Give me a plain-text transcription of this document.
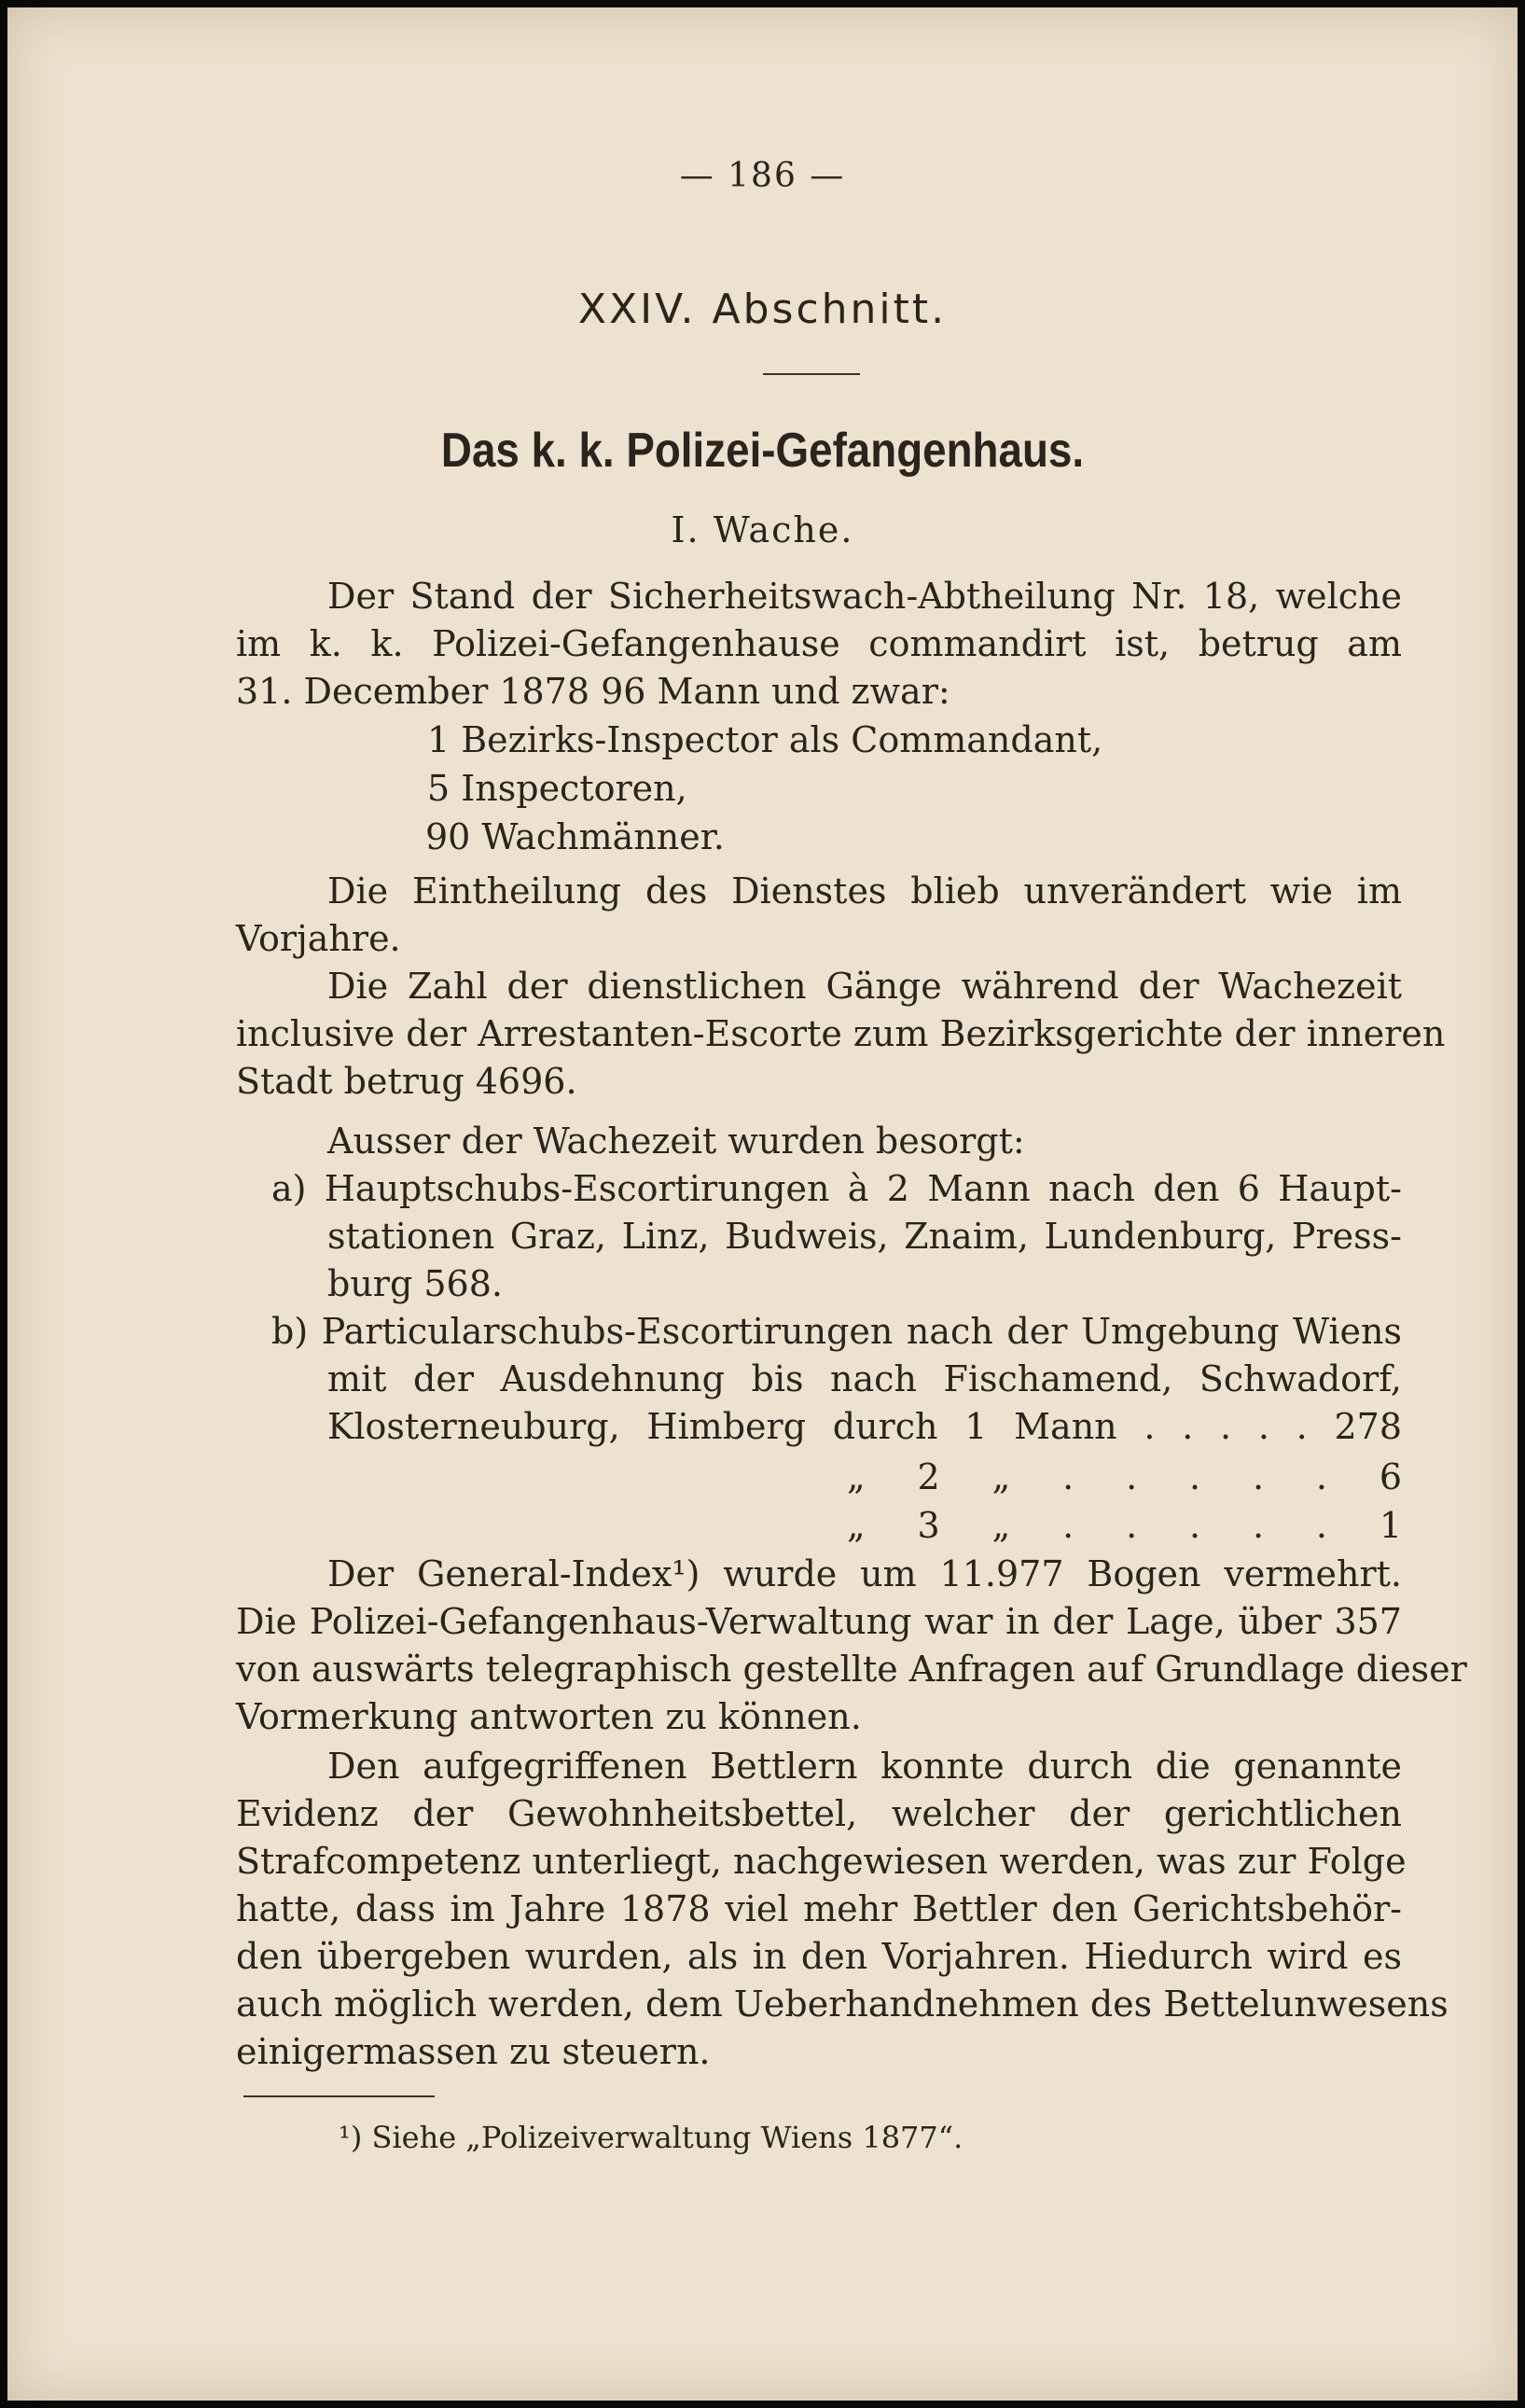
— 186 —
XXIV. Abschnitt.
Das k. k. Polizei-Gefangenhaus.
I. Wache.
Der Stand der Sicherheitswach-Abtheilung Nr. 18, welche
im k. k. Polizei-Gefangenhause commandirt ist, betrug am
31. December 1878 96 Mann und zwar:
1 Bezirks-Inspector als Commandant,
5 Inspectoren,
90 Wachmänner.
Die Eintheilung des Dienstes blieb unverändert wie im
Vorjahre.
Die Zahl der dienstlichen Gänge während der Wachezeit
inclusive der Arrestanten-Escorte zum Bezirksgerichte der inneren
Stadt betrug 4696.
Ausser der Wachezeit wurden besorgt:
a) Hauptschubs-Escortirungen à 2 Mann nach den 6 Haupt-
stationen Graz, Linz, Budweis, Znaim, Lundenburg, Press-
burg 568.
b) Particularschubs-Escortirungen nach der Umgebung Wiens
mit der Ausdehnung bis nach Fischamend, Schwadorf,
Klosterneuburg, Himberg durch 1 Mann . . . . . 278
„ 2 „ . . . . . 6
„ 3 „ . . . . . 1
Der General-Index¹) wurde um 11.977 Bogen vermehrt.
Die Polizei-Gefangenhaus-Verwaltung war in der Lage, über 357
von auswärts telegraphisch gestellte Anfragen auf Grundlage dieser
Vormerkung antworten zu können.
Den aufgegriffenen Bettlern konnte durch die genannte
Evidenz der Gewohnheitsbettel, welcher der gerichtlichen
Strafcompetenz unterliegt, nachgewiesen werden, was zur Folge
hatte, dass im Jahre 1878 viel mehr Bettler den Gerichtsbehör-
den übergeben wurden, als in den Vorjahren. Hiedurch wird es
auch möglich werden, dem Ueberhandnehmen des Bettelunwesens
einigermassen zu steuern.
¹) Siehe „Polizeiverwaltung Wiens 1877“.
